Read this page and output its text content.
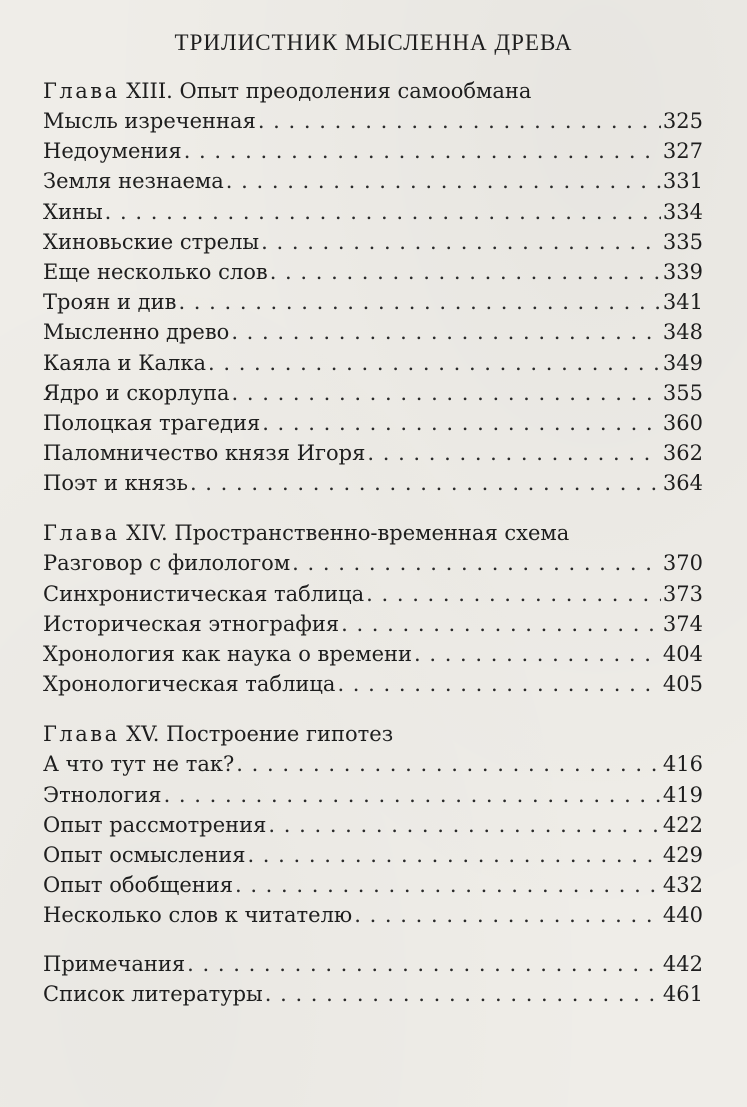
ТРИЛИСТНИК МЫСЛЕННА ДРЕВА
Глава XIII. Опыт преодоления самообмана
Мысль изреченная . . .	325
Недоумения . . .	327
Земля незнаема . . .	331
Хины . . .	334
Хиновьские стрелы . . .	335
Еще несколько слов . . .	339
Троян и див . . .	341
Мысленно древо . . .	348
Каяла и Калка . . .	349
Ядро и скорлупа . . .	355
Полоцкая трагедия . . .	360
Паломничество князя Игоря . . .	362
Поэт и князь . . .	364
Глава XIV. Пространственно-временная схема
Разговор с филологом . . .	370
Синхронистическая таблица . . .	373
Историческая этнография . . .	374
Хронология как наука о времени . . .	404
Хронологическая таблица . . .	405
Глава XV. Построение гипотез
А что тут не так? . . .	416
Этнология . . .	419
Опыт рассмотрения . . .	422
Опыт осмысления . . .	429
Опыт обобщения . . .	432
Несколько слов к читателю . . .	440
Примечания . . .	442
Список литературы . . .	461
